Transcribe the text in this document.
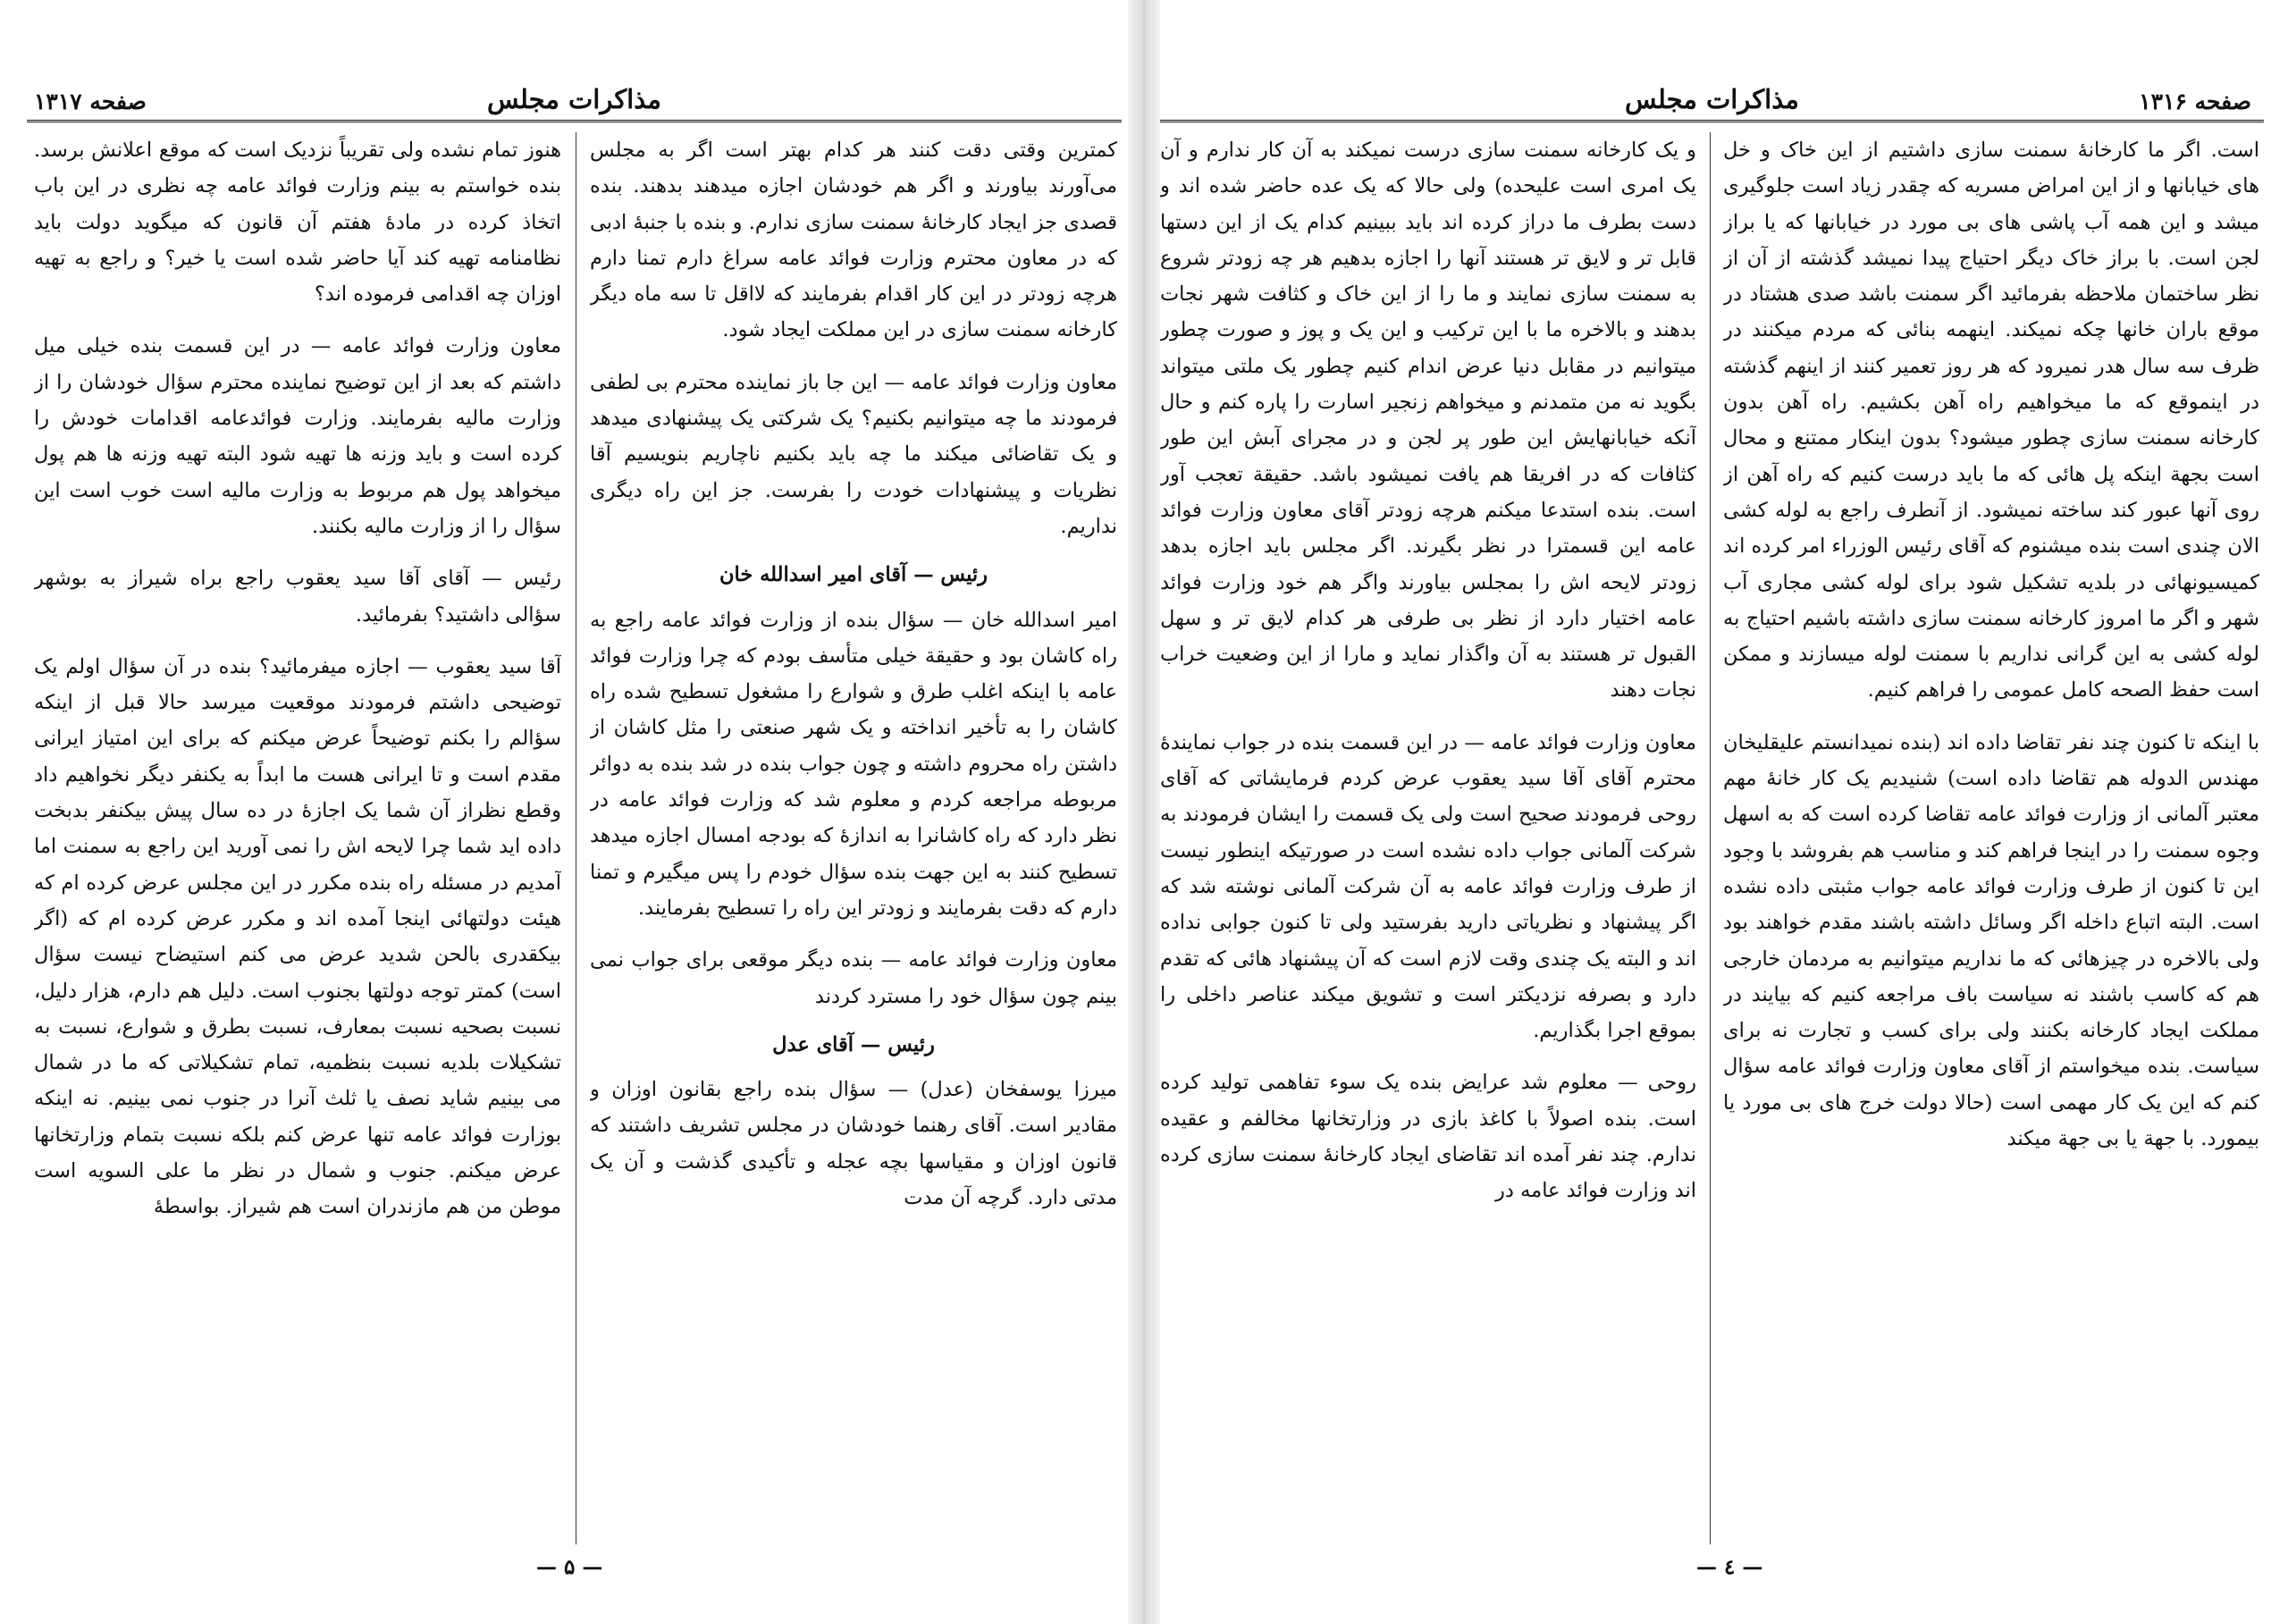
صفحه ۱۳۱۷	مذاکرات مجلس

کمترین وقتی دقت کنند هر کدام بهتر است اگر به مجلس می‌آورند بیاورند و اگر هم خودشان اجازه میدهند بدهند. بنده قصدی جز ایجاد کارخانهٔ سمنت سازی ندارم. و بنده با جنبهٔ ادبی که در معاون محترم وزارت فوائد عامه سراغ دارم تمنا دارم هرچه زودتر در این کار اقدام بفرمایند که لااقل تا سه ماه دیگر کارخانه سمنت سازی در این مملکت ایجاد شود.

معاون وزارت فوائد عامه — این جا باز نماینده محترم بی لطفی فرمودند ما چه میتوانیم بکنیم؟ یک شرکتی یک پیشنهادی میدهد و یک تقاضائی میکند ما چه باید بکنیم ناچاریم بنویسیم آقا نظریات و پیشنهادات خودت را بفرست. جز این راه دیگری نداریم.

رئیس — آقای امیر اسدالله خان

امیر اسدالله خان — سؤال بنده از وزارت فوائد عامه راجع به راه کاشان بود و حقیقة خیلی متأسف بودم که چرا وزارت فوائد عامه با اینکه اغلب طرق و شوارع را مشغول تسطیح شده راه کاشان را به تأخیر انداخته و یک شهر صنعتی را مثل کاشان از داشتن راه محروم داشته و چون جواب بنده در شد بنده به دوائر مربوطه مراجعه کردم و معلوم شد که وزارت فوائد عامه در نظر دارد که راه کاشانرا به اندازهٔ که بودجه امسال اجازه میدهد تسطیح کنند به این جهت بنده سؤال خودم را پس میگیرم و تمنا دارم که دقت بفرمایند و زودتر این راه را تسطیح بفرمایند.

معاون وزارت فوائد عامه — بنده دیگر موقعی برای جواب نمی بینم چون سؤال خود را مسترد کردند

رئیس — آقای عدل

میرزا یوسفخان (عدل) — سؤال بنده راجع بقانون اوزان و مقادیر است. آقای رهنما خودشان در مجلس تشریف داشتند که قانون اوزان و مقیاسها بچه عجله و تأکیدی گذشت و آن یک مدتی دارد. گرچه آن مدت

هنوز تمام نشده ولی تقریباً نزدیک است که موقع اعلانش برسد. بنده خواستم به بینم وزارت فوائد عامه چه نظری در این باب اتخاذ کرده در مادهٔ هفتم آن قانون که میگوید دولت باید نظامنامه تهیه کند آیا حاضر شده است یا خیر؟ و راجع به تهیه اوزان چه اقدامی فرموده اند؟

معاون وزارت فوائد عامه — در این قسمت بنده خیلی میل داشتم که بعد از این توضیح نماینده محترم سؤال خودشان را از وزارت مالیه بفرمایند. وزارت فوائدعامه اقدامات خودش را کرده است و باید وزنه ها تهیه شود البته تهیه وزنه ها هم پول میخواهد پول هم مربوط به وزارت مالیه است خوب است این سؤال را از وزارت مالیه بکنند.

رئیس — آقای آقا سید یعقوب راجع براه شیراز به بوشهر سؤالی داشتید؟ بفرمائید.

آقا سید یعقوب — اجازه میفرمائید؟ بنده در آن سؤال اولم یک توضیحی داشتم فرمودند موقعیت میرسد حالا قبل از اینکه سؤالم را بکنم توضیحاً عرض میکنم که برای این امتیاز ایرانی مقدم است و تا ایرانی هست ما ابداً به یکنفر دیگر نخواهیم داد وقطع نظراز آن شما یک اجازهٔ در ده سال پیش بیکنفر بدبخت داده اید شما چرا لایحه اش را نمی آورید این راجع به سمنت اما آمدیم در مسئله راه بنده مکرر در این مجلس عرض کرده ام که هیئت دولتهائی اینجا آمده اند و مکرر عرض کرده ام که (اگر بیکقدری بالحن شدید عرض می کنم استیضاح نیست سؤال است) کمتر توجه دولتها بجنوب است. دلیل هم دارم، هزار دلیل، نسبت بصحیه نسبت بمعارف، نسبت بطرق و شوارع، نسبت به تشکیلات بلدیه نسبت بنظمیه، تمام تشکیلاتی که ما در شمال می بینیم شاید نصف یا ثلث آنرا در جنوب نمی بینیم. نه اینکه بوزارت فوائد عامه تنها عرض کنم بلکه نسبت بتمام وزارتخانها عرض میکنم. جنوب و شمال در نظر ما علی السویه است موطن من هم مازندران است هم شیراز. بواسطهٔ

— ۵ —
صفحه ۱۳۱۶
مذاکرات مجلس

است. اگر ما کارخانهٔ سمنت سازی داشتیم از این خاک و خل های خیابانها و از این امراض مسریه که چقدر زیاد است جلوگیری میشد و این همه آب پاشی های بی مورد در خیابانها که یا براز لجن است. با براز خاک دیگر احتیاج پیدا نمیشد گذشته از آن از نظر ساختمان ملاحظه بفرمائید اگر سمنت باشد صدی هشتاد در موقع باران خانها چکه نمیکند. اینهمه بنائی که مردم میکنند در ظرف سه سال هدر نمیرود که هر روز تعمیر کنند از اینهم گذشته در اینموقع که ما میخواهیم راه آهن بکشیم. راه آهن بدون کارخانه سمنت سازی چطور میشود؟ بدون اینکار ممتنع و محال است بجهة اینکه پل هائی که ما باید درست کنیم که راه آهن از روی آنها عبور کند ساخته نمیشود. از آنطرف راجع به لوله کشی الان چندی است بنده میشنوم که آقای رئیس الوزراء امر کرده اند کمیسیونهائی در بلدیه تشکیل شود برای لوله کشی مجاری آب شهر و اگر ما امروز کارخانه سمنت سازی داشته باشیم احتیاج به لوله کشی به این گرانی نداریم با سمنت لوله میسازند و ممکن است حفظ الصحه کامل عمومی را فراهم کنیم.

با اینکه تا کنون چند نفر تقاضا داده اند (بنده نمیدانستم علیقلیخان مهندس الدوله هم تقاضا داده است) شنیدیم یک کار خانهٔ مهم معتبر آلمانی از وزارت فوائد عامه تقاضا کرده است که به اسهل وجوه سمنت را در اینجا فراهم کند و مناسب هم بفروشد با وجود این تا کنون از طرف وزارت فوائد عامه جواب مثبتی داده نشده است. البته اتباع داخله اگر وسائل داشته باشند مقدم خواهند بود ولی بالاخره در چیزهائی که ما نداریم میتوانیم به مردمان خارجی هم که کاسب باشند نه سیاست باف مراجعه کنیم که بیایند در مملکت ایجاد کارخانه بکنند ولی برای کسب و تجارت نه برای سیاست. بنده میخواستم از آقای معاون وزارت فوائد عامه سؤال کنم که این یک کار مهمی است (حالا دولت خرج های بی مورد یا بیمورد. با جهة یا بی جهة میکند

و یک کارخانه سمنت سازی درست نمیکند به آن کار ندارم و آن یک امری است علیحده) ولی حالا که یک عده حاضر شده اند و دست بطرف ما دراز کرده اند باید ببینیم کدام یک از این دستها قابل تر و لایق تر هستند آنها را اجازه بدهیم هر چه زودتر شروع به سمنت سازی نمایند و ما را از این خاک و کثافت شهر نجات بدهند و بالاخره ما با این ترکیب و این یک و پوز و صورت چطور میتوانیم در مقابل دنیا عرض اندام کنیم چطور یک ملتی میتواند بگوید نه من متمدنم و میخواهم زنجیر اسارت را پاره کنم و حال آنکه خیابانهایش این طور پر لجن و در مجرای آبش این طور کثافات که در افریقا هم یافت نمیشود باشد. حقیقة تعجب آور است. بنده استدعا میکنم هرچه زودتر آقای معاون وزارت فوائد عامه این قسمترا در نظر بگیرند. اگر مجلس باید اجازه بدهد زودتر لایحه اش را بمجلس بیاورند واگر هم خود وزارت فوائد عامه اختیار دارد از نظر بی طرفی هر کدام لایق تر و سهل القبول تر هستند به آن واگذار نماید و مارا از این وضعیت خراب نجات دهند

معاون وزارت فوائد عامه — در این قسمت بنده در جواب نمایندهٔ محترم آقای آقا سید یعقوب عرض کردم فرمایشاتی که آقای روحی فرمودند صحیح است ولی یک قسمت را ایشان فرمودند به شرکت آلمانی جواب داده نشده است در صورتیکه اینطور نیست از طرف وزارت فوائد عامه به آن شرکت آلمانی نوشته شد که اگر پیشنهاد و نظریاتی دارید بفرستید ولی تا کنون جوابی نداده اند و البته یک چندی وقت لازم است که آن پیشنهاد هائی که تقدم دارد و بصرفه نزدیکتر است و تشویق میکند عناصر داخلی را بموقع اجرا بگذاریم.

روحی — معلوم شد عرایض بنده یک سوء تفاهمی تولید کرده است. بنده اصولاً با کاغذ بازی در وزارتخانها مخالفم و عقیده ندارم. چند نفر آمده اند تقاضای ایجاد کارخانهٔ سمنت سازی کرده اند وزارت فوائد عامه در

— ٤ —
